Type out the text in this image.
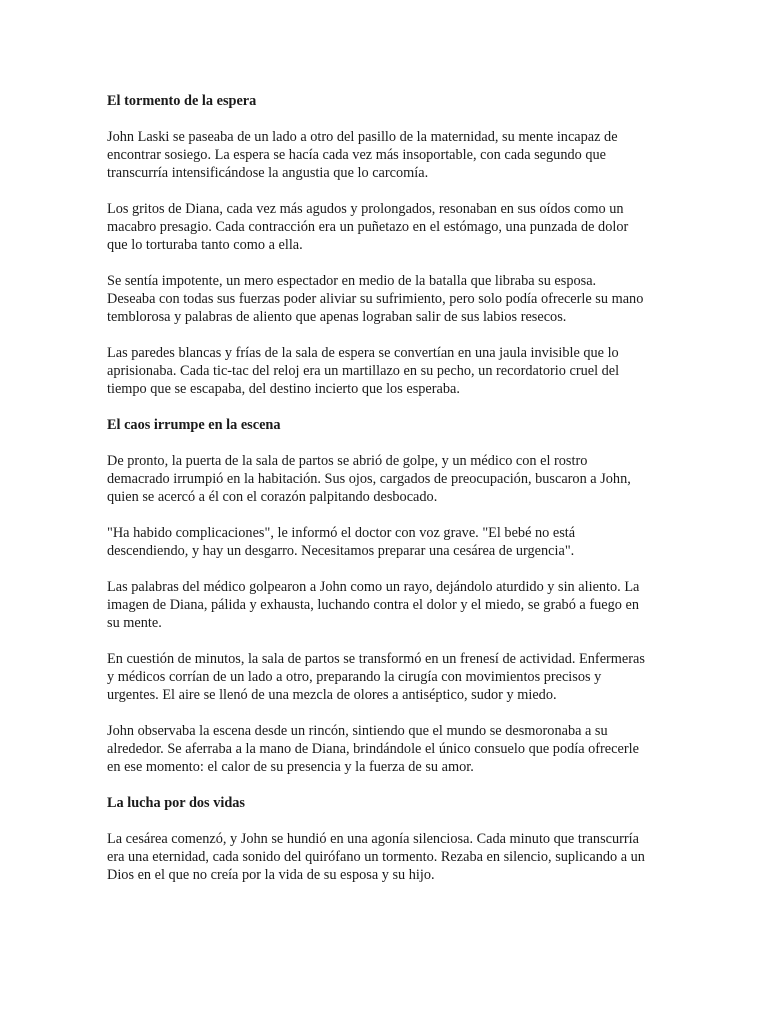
El tormento de la espera

John Laski se paseaba de un lado a otro del pasillo de la maternidad, su mente incapaz de encontrar sosiego. La espera se hacía cada vez más insoportable, con cada segundo que transcurría intensificándose la angustia que lo carcomía.

Los gritos de Diana, cada vez más agudos y prolongados, resonaban en sus oídos como un macabro presagio. Cada contracción era un puñetazo en el estómago, una punzada de dolor que lo torturaba tanto como a ella.

Se sentía impotente, un mero espectador en medio de la batalla que libraba su esposa. Deseaba con todas sus fuerzas poder aliviar su sufrimiento, pero solo podía ofrecerle su mano temblorosa y palabras de aliento que apenas lograban salir de sus labios resecos.

Las paredes blancas y frías de la sala de espera se convertían en una jaula invisible que lo aprisionaba. Cada tic-tac del reloj era un martillazo en su pecho, un recordatorio cruel del tiempo que se escapaba, del destino incierto que los esperaba.

El caos irrumpe en la escena

De pronto, la puerta de la sala de partos se abrió de golpe, y un médico con el rostro demacrado irrumpió en la habitación. Sus ojos, cargados de preocupación, buscaron a John, quien se acercó a él con el corazón palpitando desbocado.

"Ha habido complicaciones", le informó el doctor con voz grave. "El bebé no está descendiendo, y hay un desgarro. Necesitamos preparar una cesárea de urgencia".

Las palabras del médico golpearon a John como un rayo, dejándolo aturdido y sin aliento. La imagen de Diana, pálida y exhausta, luchando contra el dolor y el miedo, se grabó a fuego en su mente.

En cuestión de minutos, la sala de partos se transformó en un frenesí de actividad. Enfermeras y médicos corrían de un lado a otro, preparando la cirugía con movimientos precisos y urgentes. El aire se llenó de una mezcla de olores a antiséptico, sudor y miedo.

John observaba la escena desde un rincón, sintiendo que el mundo se desmoronaba a su alrededor. Se aferraba a la mano de Diana, brindándole el único consuelo que podía ofrecerle en ese momento: el calor de su presencia y la fuerza de su amor.

La lucha por dos vidas

La cesárea comenzó, y John se hundió en una agonía silenciosa. Cada minuto que transcurría era una eternidad, cada sonido del quirófano un tormento. Rezaba en silencio, suplicando a un Dios en el que no creía por la vida de su esposa y su hijo.
